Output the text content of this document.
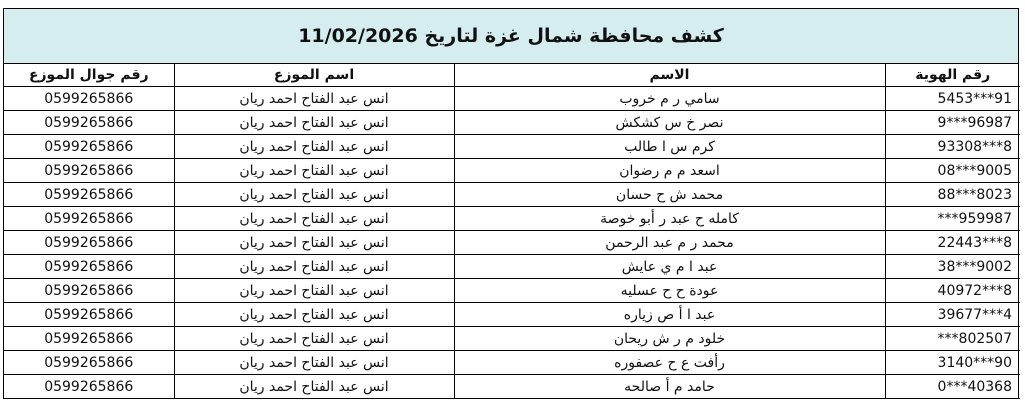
كشف محافظة شمال غزة لتاريخ 11/02/2026
رقم جوال الموزع	اسم الموزع	الاسم	رقم الهوية
0599265866	انس عبد الفتاح احمد ريان	سامي ر م خروب	91***5453
0599265866	انس عبد الفتاح احمد ريان	نصر خ س كشكش	96987***9
0599265866	انس عبد الفتاح احمد ريان	كرم س ا طالب	8***93308
0599265866	انس عبد الفتاح احمد ريان	اسعد م م رضوان	9005***08
0599265866	انس عبد الفتاح احمد ريان	محمد ش ح حسان	8023***88
0599265866	انس عبد الفتاح احمد ريان	كامله ح عبد ر أبو خوصة	959987***
0599265866	انس عبد الفتاح احمد ريان	محمد ر م عبد الرحمن	8***22443
0599265866	انس عبد الفتاح احمد ريان	عبد ا م ي عايش	9002***38
0599265866	انس عبد الفتاح احمد ريان	عودة ح ح عسليه	8***40972
0599265866	انس عبد الفتاح احمد ريان	عبد ا أ ص زياره	4***39677
0599265866	انس عبد الفتاح احمد ريان	خلود م ر ش ريحان	802507***
0599265866	انس عبد الفتاح احمد ريان	رأفت ع ح عصفوره	90***3140
0599265866	انس عبد الفتاح احمد ريان	حامد م أ صالحه	40368***0
